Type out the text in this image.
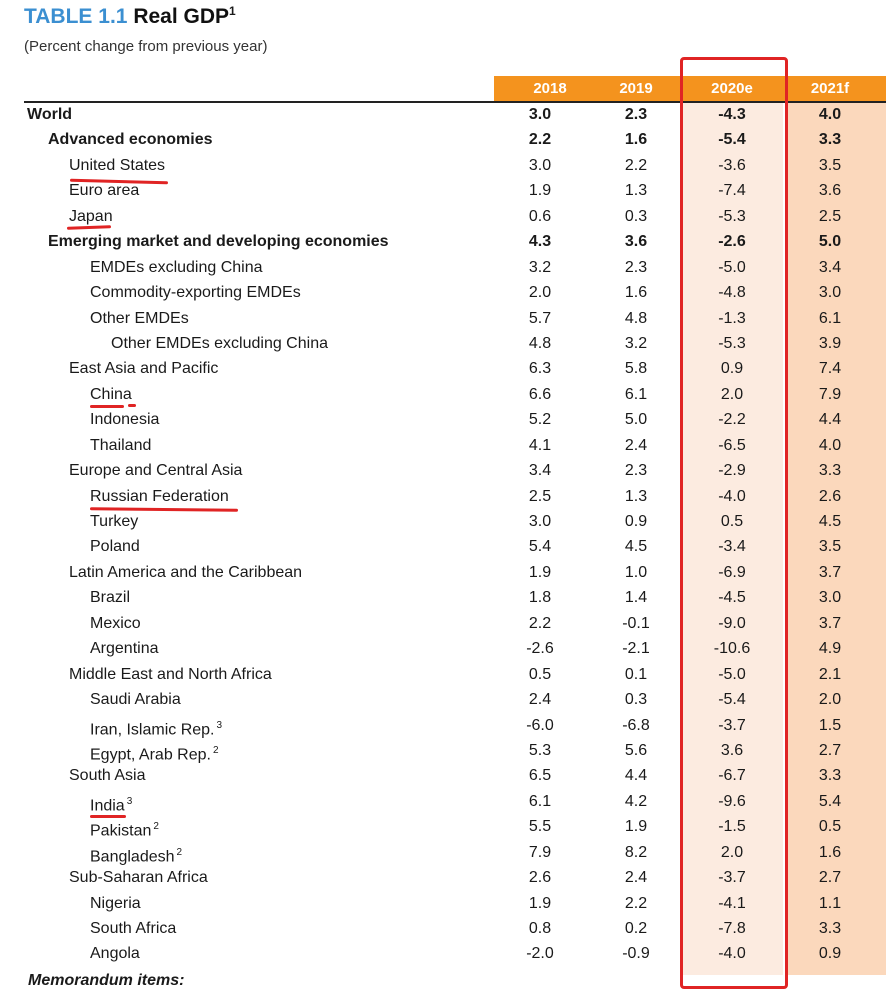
TABLE 1.1 Real GDP$^1$
(Percent change from previous year)
2018	2019	2020e	2021f
World	3.0	2.3	-4.3	4.0
Advanced economies	2.2	1.6	-5.4	3.3
United States	3.0	2.2	-3.6	3.5
Euro area	1.9	1.3	-7.4	3.6
Japan	0.6	0.3	-5.3	2.5
Emerging market and developing economies	4.3	3.6	-2.6	5.0
EMDEs excluding China	3.2	2.3	-5.0	3.4
Commodity-exporting EMDEs	2.0	1.6	-4.8	3.0
Other EMDEs	5.7	4.8	-1.3	6.1
Other EMDEs excluding China	4.8	3.2	-5.3	3.9
East Asia and Pacific	6.3	5.8	0.9	7.4
China	6.6	6.1	2.0	7.9
Indonesia	5.2	5.0	-2.2	4.4
Thailand	4.1	2.4	-6.5	4.0
Europe and Central Asia	3.4	2.3	-2.9	3.3
Russian Federation	2.5	1.3	-4.0	2.6
Turkey	3.0	0.9	0.5	4.5
Poland	5.4	4.5	-3.4	3.5
Latin America and the Caribbean	1.9	1.0	-6.9	3.7
Brazil	1.8	1.4	-4.5	3.0
Mexico	2.2	-0.1	-9.0	3.7
Argentina	-2.6	-2.1	-10.6	4.9
Middle East and North Africa	0.5	0.1	-5.0	2.1
Saudi Arabia	2.4	0.3	-5.4	2.0
Iran, Islamic Rep. $^3$	-6.0	-6.8	-3.7	1.5
Egypt, Arab Rep. $^2$	5.3	5.6	3.6	2.7
South Asia	6.5	4.4	-6.7	3.3
India $^3$	6.1	4.2	-9.6	5.4
Pakistan $^2$	5.5	1.9	-1.5	0.5
Bangladesh $^2$	7.9	8.2	2.0	1.6
Sub-Saharan Africa	2.6	2.4	-3.7	2.7
Nigeria	1.9	2.2	-4.1	1.1
South Africa	0.8	0.2	-7.8	3.3
Angola	-2.0	-0.9	-4.0	0.9
Memorandum items:
